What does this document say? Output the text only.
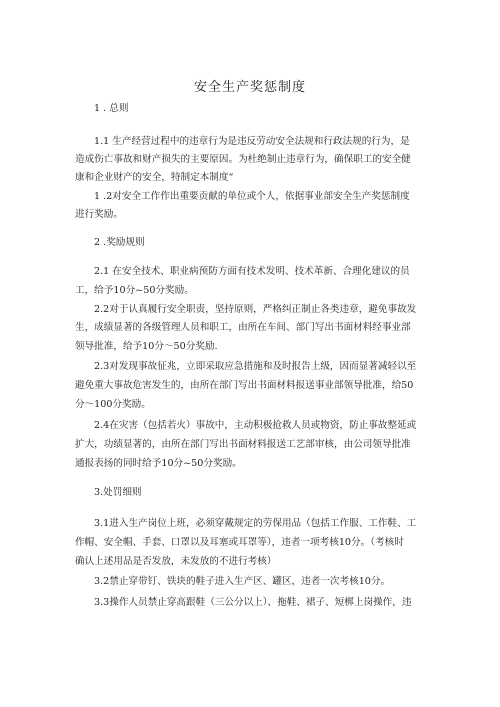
安全生产奖惩制度
1 . 总则
1.1 生产经营过程中的违章行为是违反劳动安全法规和行政法规的行为，是
造成伤亡事故和财产损失的主要原因。为杜绝制止违章行为，确保职工的安全健
康和企业财产的安全，特制定本制度“
1 .2对安全工作作出重要贡献的单位或个人，依据事业部安全生产奖惩制度
进行奖励。
2 .奖励规则
2.1 在安全技术、职业病预防方面有技术发明、技术革新、合理化建议的员
工，给予10分~50分奖励。
2.2对于认真履行安全职责，坚持原则，严格纠正制止各类违章，避免事故发
生，成绩显著的各级管理人员和职工，由所在车间、部门写出书面材料经事业部
领导批准，给予10分～50分奖励.
2.3对发现事故征兆，立即采取应急措施和及时报告上级，因而显著减轻以至
避免重大事故危害发生的，由所在部门写出书面材料报送事业部领导批准，给50
分～100分奖励。
2.4在灾害（包括若火）事故中，主动积极抢救人员或物资，防止事故整延或
扩大，功绩显著的，由所在部门写出书面材料报送工艺部审核，由公司领导批准
通报表扬的同时给予10分~50分奖励。
3.处罚细则
3.1进入生产岗位上班，必须穿戴规定的劳保用品（包括工作服、工作鞋、工
作帽、安全帽、手套、口罩以及耳塞或耳罩等），违者一项考核10分。（考核时
确认上述用品是否发放，未发放的不进行考核）
3.2禁止穿带钉、铁块的鞋子进入生产区、罐区，违者一次考核10分。
3.3操作人员禁止穿高跟鞋（三公分以上）、拖鞋、裙子、短梆上岗操作，违
